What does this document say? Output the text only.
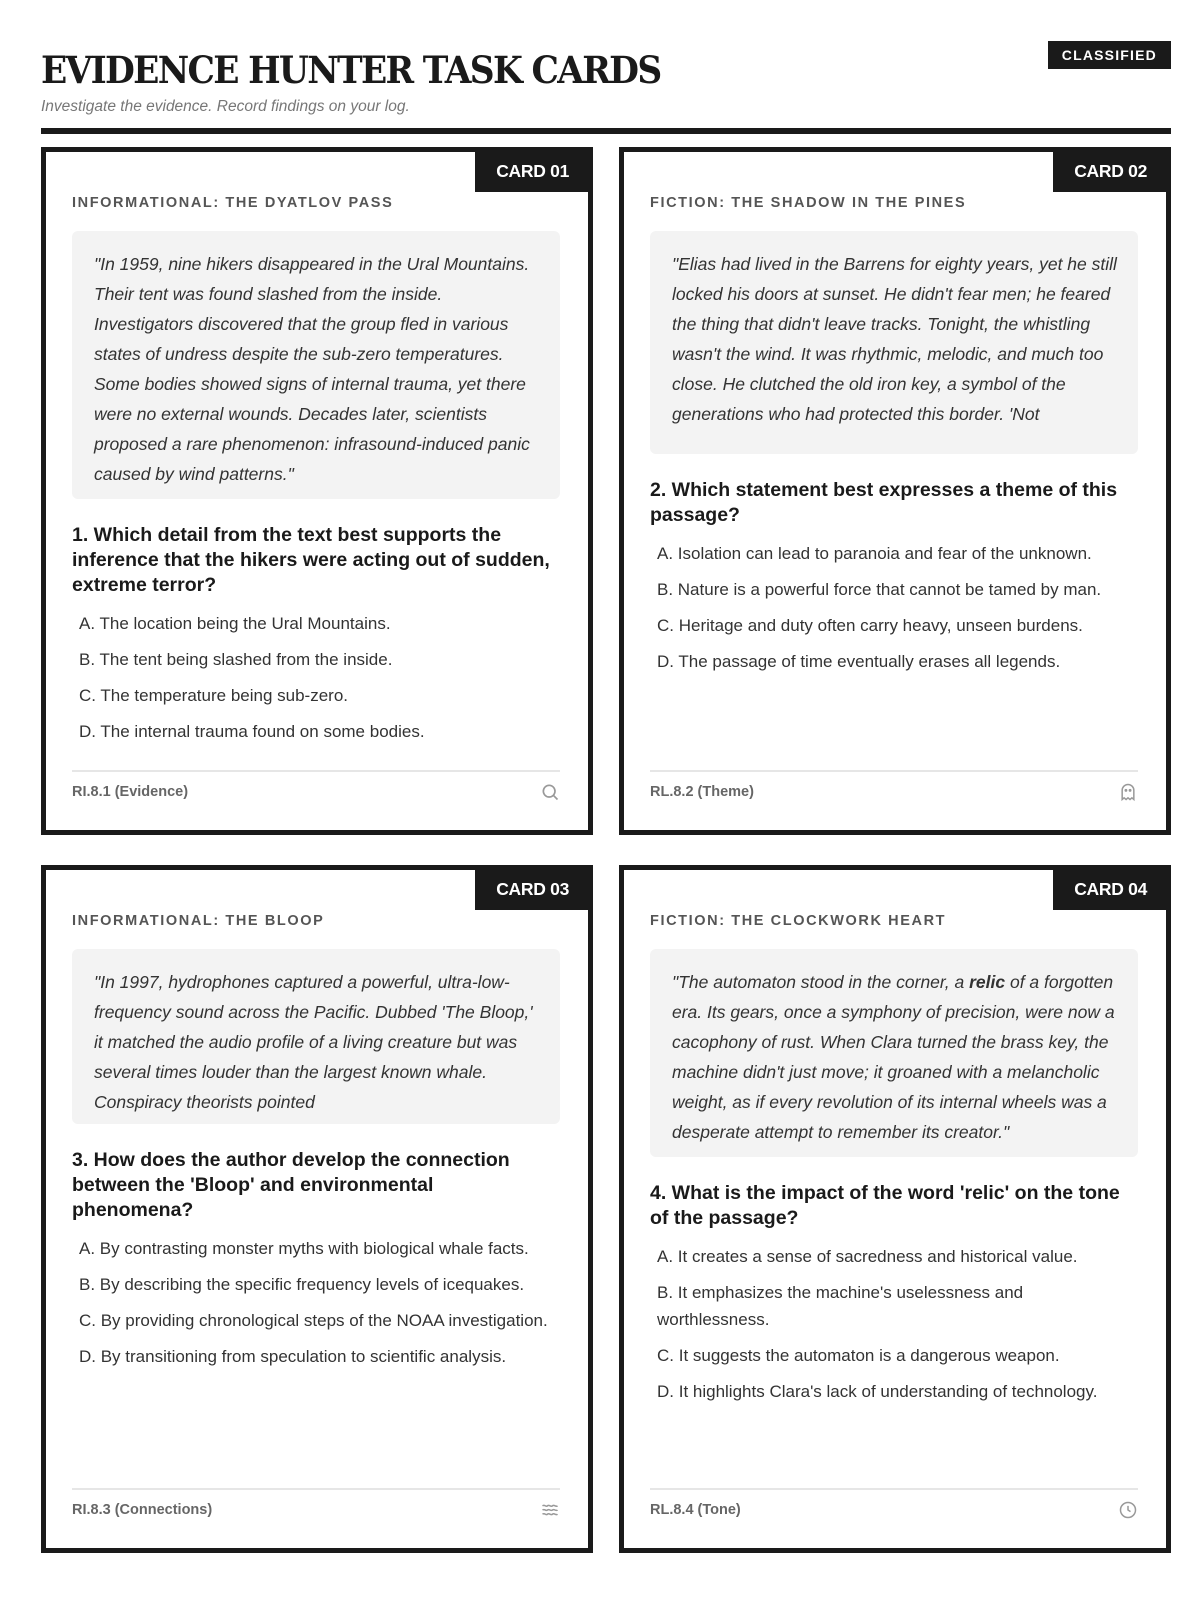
EVIDENCE HUNTER TASK CARDS
Investigate the evidence. Record findings on your log.
CLASSIFIED
CARD 01
INFORMATIONAL: THE DYATLOV PASS
"In 1959, nine hikers disappeared in the Ural Mountains. Their tent was found slashed from the inside. Investigators discovered that the group fled in various states of undress despite the sub-zero temperatures. Some bodies showed signs of internal trauma, yet there were no external wounds. Decades later, scientists proposed a rare phenomenon: infrasound-induced panic caused by wind patterns."
1. Which detail from the text best supports the inference that the hikers were acting out of sudden, extreme terror?
A. The location being the Ural Mountains.
B. The tent being slashed from the inside.
C. The temperature being sub-zero.
D. The internal trauma found on some bodies.
RI.8.1 (Evidence)
CARD 02
FICTION: THE SHADOW IN THE PINES
"Elias had lived in the Barrens for eighty years, yet he still locked his doors at sunset. He didn't fear men; he feared the thing that didn't leave tracks. Tonight, the whistling wasn't the wind. It was rhythmic, melodic, and much too close. He clutched the old iron key, a symbol of the generations who had protected this border. 'Not
2. Which statement best expresses a theme of this passage?
A. Isolation can lead to paranoia and fear of the unknown.
B. Nature is a powerful force that cannot be tamed by man.
C. Heritage and duty often carry heavy, unseen burdens.
D. The passage of time eventually erases all legends.
RL.8.2 (Theme)
CARD 03
INFORMATIONAL: THE BLOOP
"In 1997, hydrophones captured a powerful, ultra-low-frequency sound across the Pacific. Dubbed 'The Bloop,' it matched the audio profile of a living creature but was several times louder than the largest known whale. Conspiracy theorists pointed
3. How does the author develop the connection between the 'Bloop' and environmental phenomena?
A. By contrasting monster myths with biological whale facts.
B. By describing the specific frequency levels of icequakes.
C. By providing chronological steps of the NOAA investigation.
D. By transitioning from speculation to scientific analysis.
RI.8.3 (Connections)
CARD 04
FICTION: THE CLOCKWORK HEART
"The automaton stood in the corner, a relic of a forgotten era. Its gears, once a symphony of precision, were now a cacophony of rust. When Clara turned the brass key, the machine didn't just move; it groaned with a melancholic weight, as if every revolution of its internal wheels was a desperate attempt to remember its creator."
4. What is the impact of the word 'relic' on the tone of the passage?
A. It creates a sense of sacredness and historical value.
B. It emphasizes the machine's uselessness and worthlessness.
C. It suggests the automaton is a dangerous weapon.
D. It highlights Clara's lack of understanding of technology.
RL.8.4 (Tone)
